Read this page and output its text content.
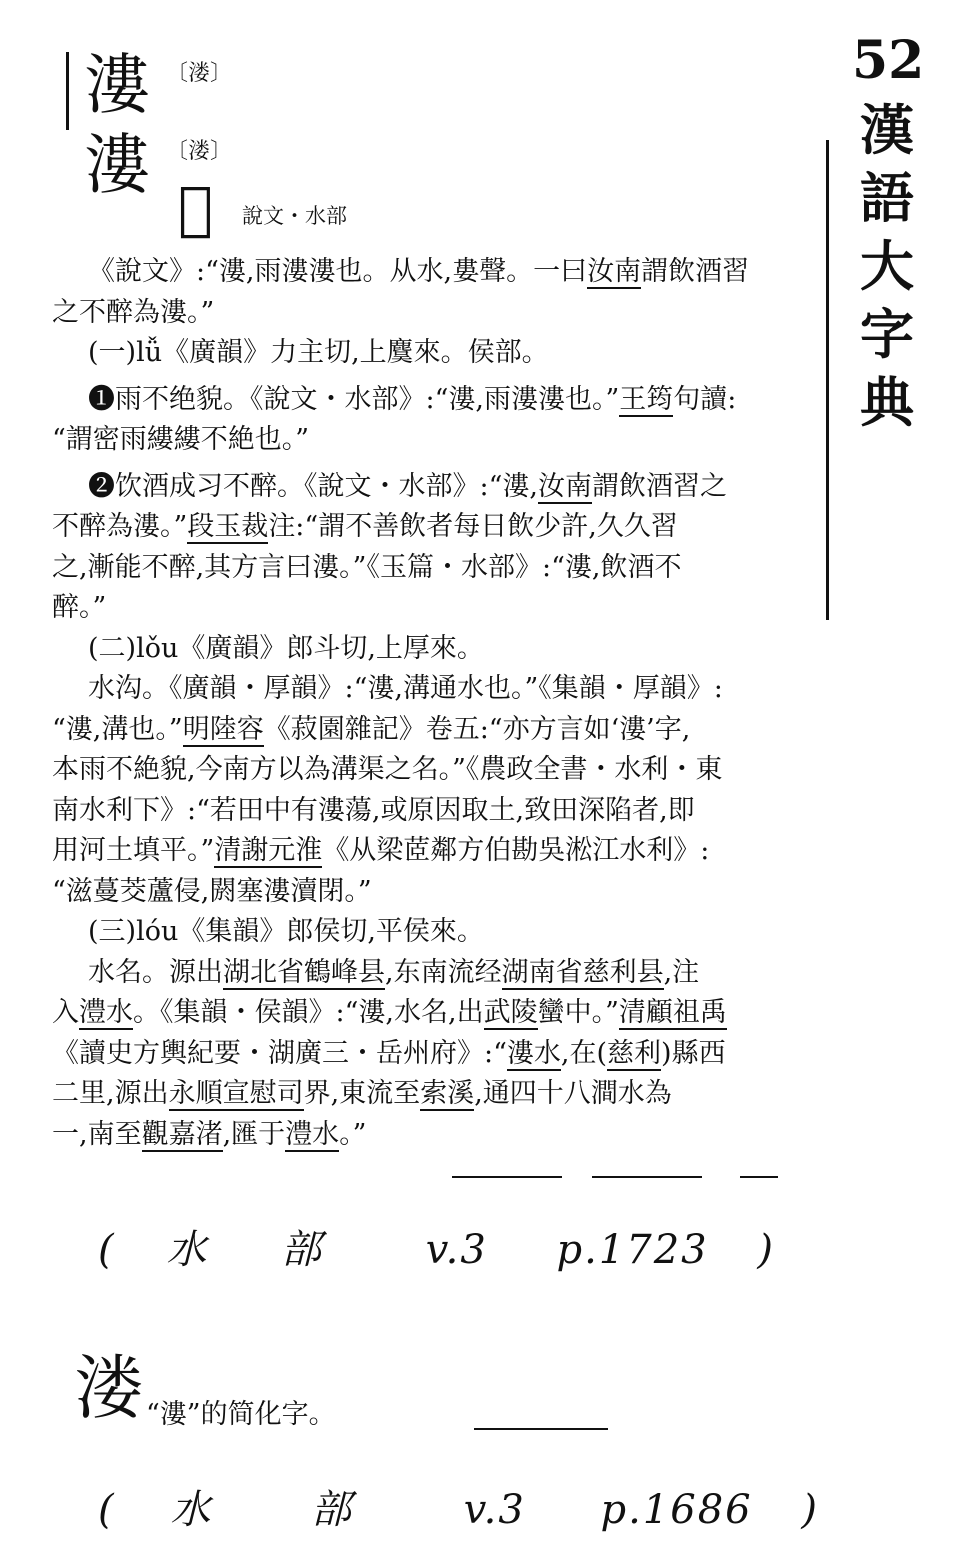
52
漢
語
大
字
典
漊 〔溇〕
漊 〔溇〕
𣸋 說文・水部

《說文》:“漊,雨漊漊也。从水,婁聲。一曰汝南謂飲酒習

之不醉為漊。”

(一)lǚ《廣韻》力主切,上麌來。侯部。

❶雨不绝貌。《說文・水部》:“漊,雨漊漊也。”王筠句讀:

“謂密雨縷縷不絶也。”

❷饮酒成习不醉。《說文・水部》:“漊,汝南謂飲酒習之

不醉為漊。”段玉裁注:“謂不善飲者每日飲少許,久久習

之,漸能不醉,其方言曰漊。”《玉篇・水部》:“漊,飲酒不

醉。”

(二)lǒu《廣韻》郎斗切,上厚來。

水沟。《廣韻・厚韻》:“漊,溝通水也。”《集韻・厚韻》:

“漊,溝也。”明陸容《菽園雜記》卷五:“亦方言如‘漊’字,

本雨不絶貌,今南方以為溝渠之名。”《農政全書・水利・東

南水利下》:“若田中有漊蕩,或原因取土,致田深陷者,即

用河土填平。”清謝元淮《从梁茝鄰方伯勘吳淞江水利》:

“滋蔓茭蘆侵,閼塞漊瀆閉。”

(三)lóu《集韻》郎侯切,平侯來。

水名。源出湖北省鶴峰县,东南流经湖南省慈利县,注

入澧水。《集韻・侯韻》:“漊,水名,出武陵蠻中。”清顧祖禹

《讀史方輿紀要・湖廣三・岳州府》:“漊水,在(慈利)縣西

二里,源出永順宣慰司界,東流至索溪,通四十八澗水為

一,南至觀嘉渚,匯于澧水。”

( 水 部	v.3 p.1723 )
溇 “漊”的简化字。
( 水 部	v.3 p.1686 )
